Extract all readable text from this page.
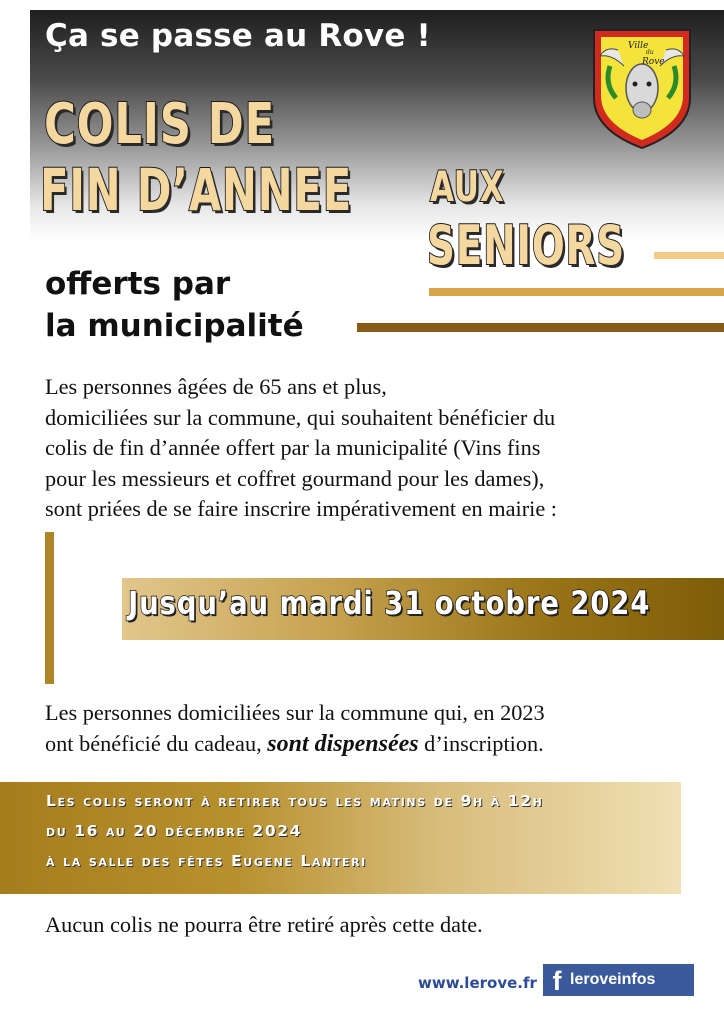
Ça se passe au Rove !
COLIS DE
FIN D’ANNEE AUX
SENIORS
Ville
du
Rove
offerts par
la municipalité
Les personnes âgées de 65 ans et plus,
domiciliées sur la commune, qui souhaitent bénéficier du
colis de fin d’année offert par la municipalité (Vins fins
pour les messieurs et coffret gourmand pour les dames),
sont priées de se faire inscrire impérativement en mairie :
Jusqu’au mardi 31 octobre 2024
Les personnes domiciliées sur la commune qui, en 2023
ont bénéficié du cadeau, sont dispensées d’inscription.
Les colis seront à retirer tous les matins de 9h à 12h
du 16 au 20 décembre 2024
à la salle des fêtes Eugene Lanteri
Aucun colis ne pourra être retiré après cette date.
www.lerove.fr f leroveinfos
